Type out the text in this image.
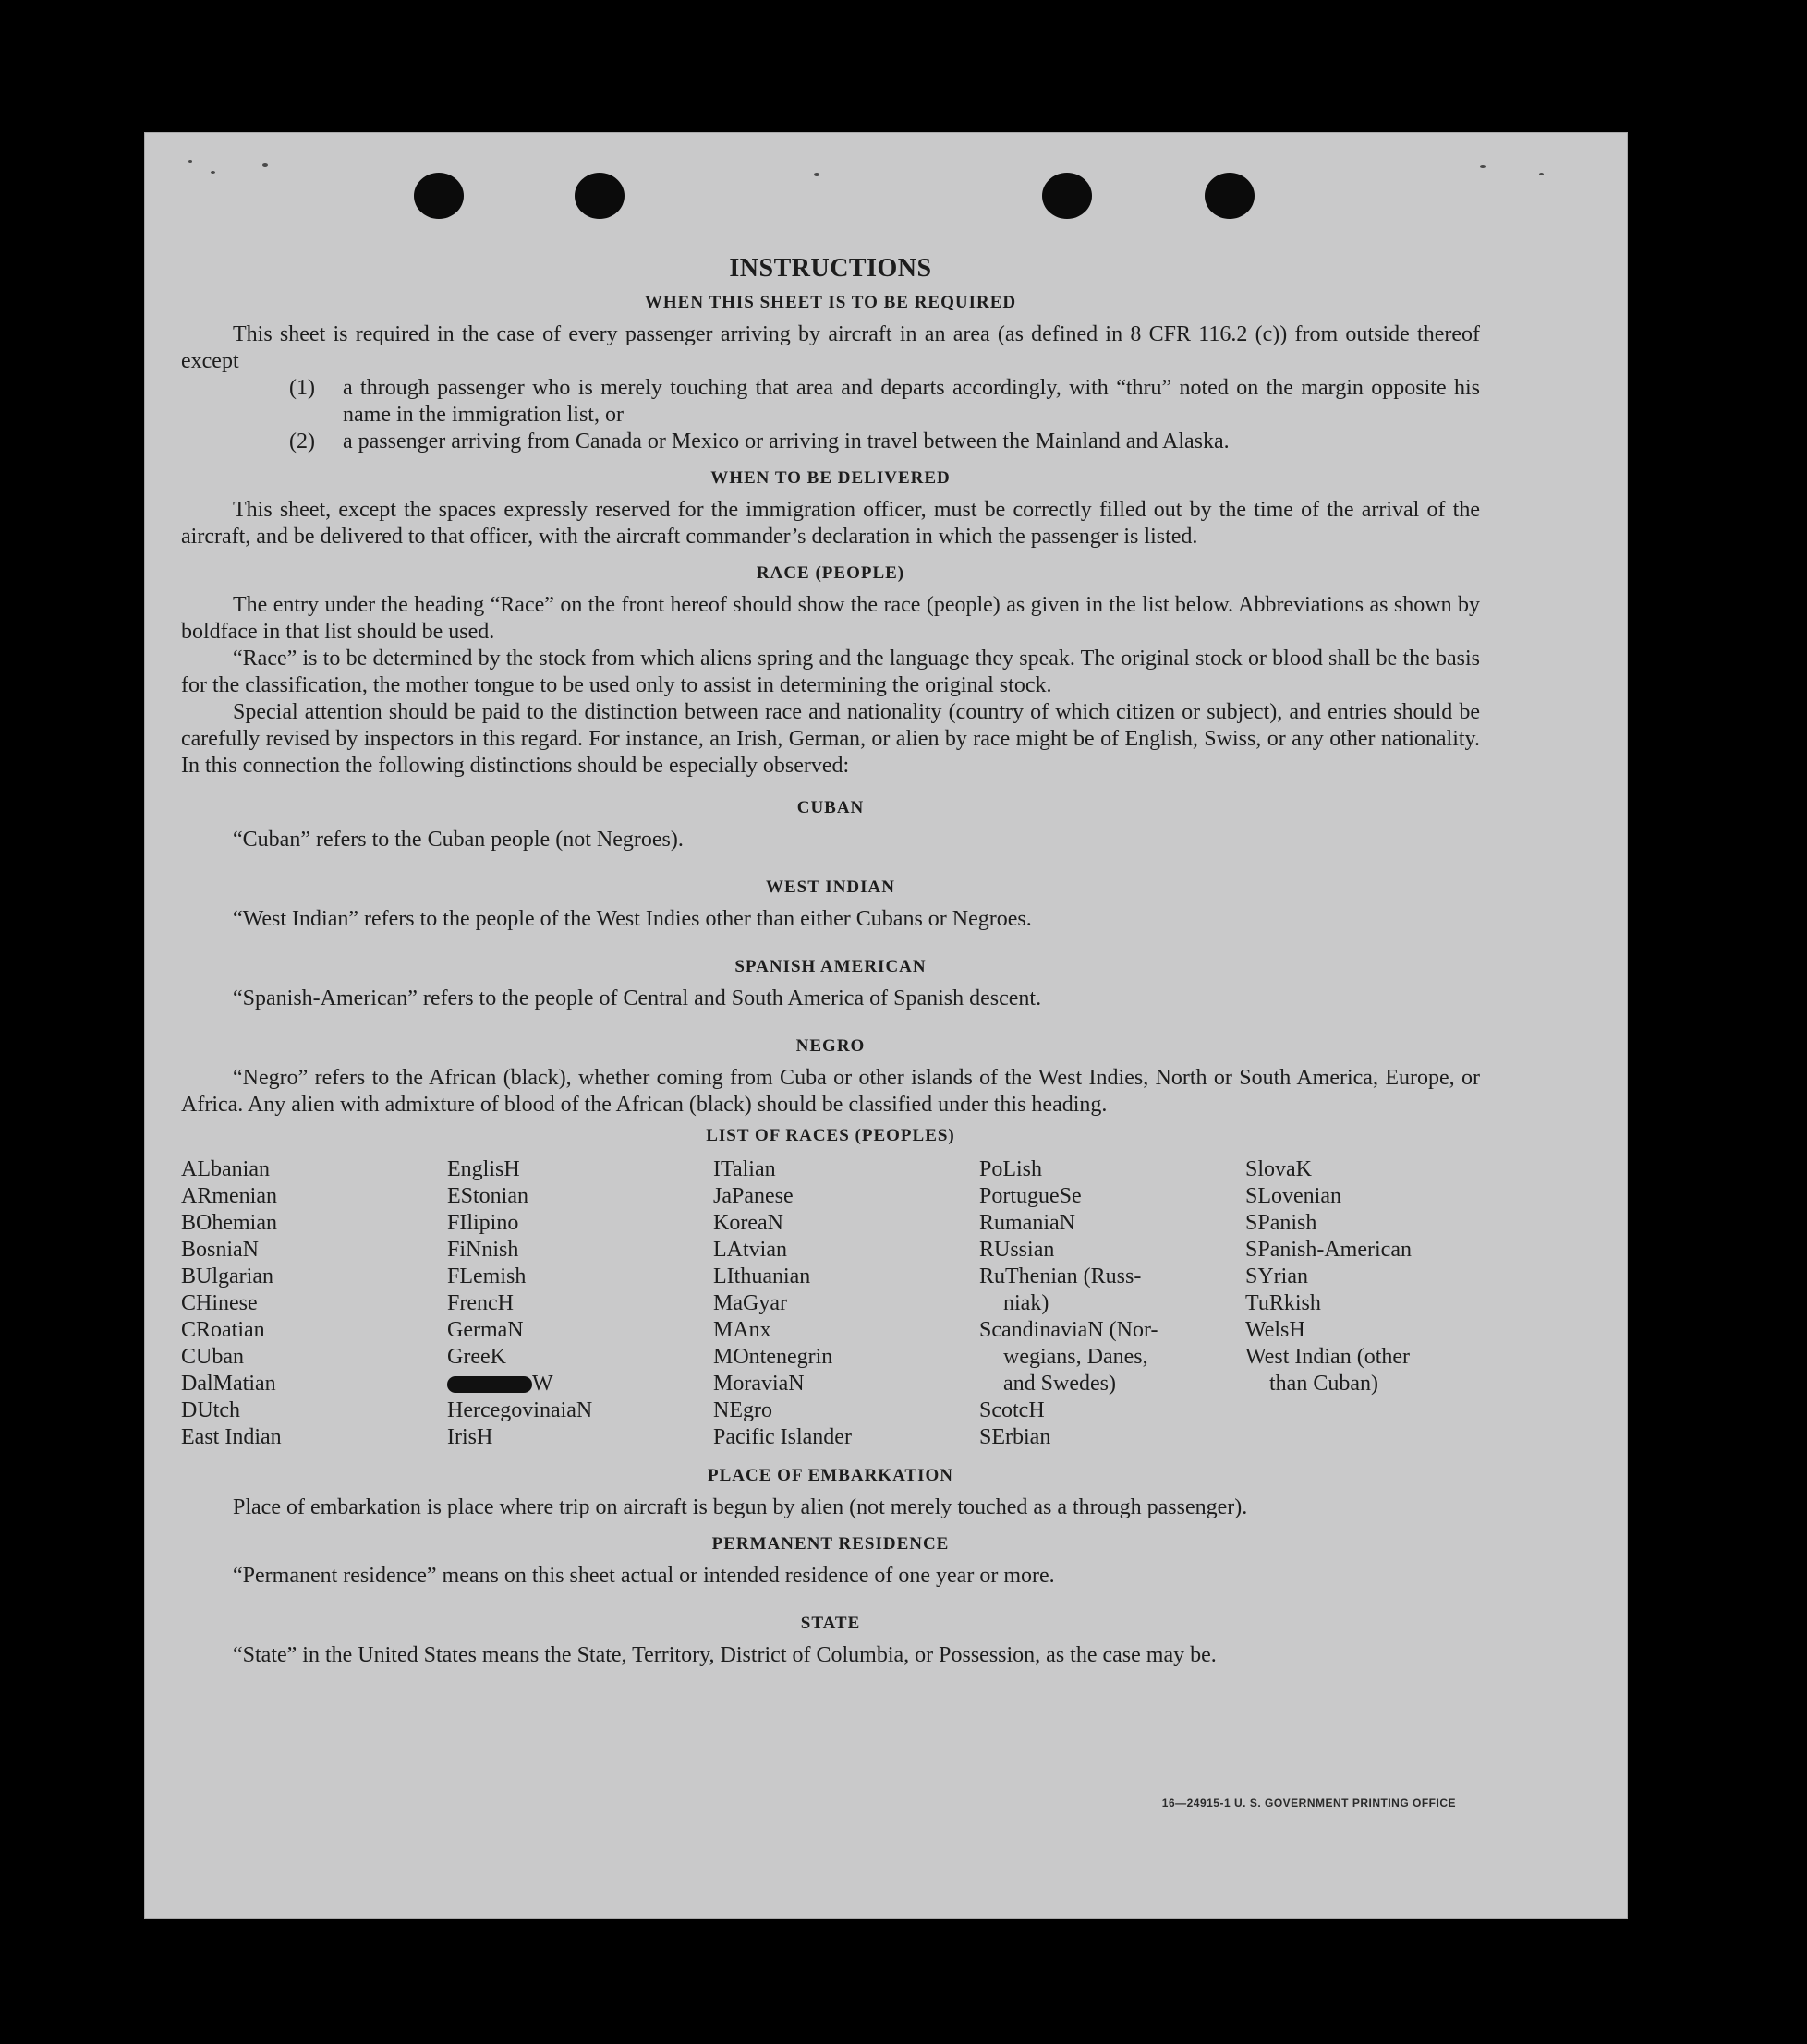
INSTRUCTIONS
WHEN THIS SHEET IS TO BE REQUIRED

This sheet is required in the case of every passenger arriving by aircraft in an area (as defined in 8 CFR 116.2 (c)) from outside thereof except

(1)	a through passenger who is merely touching that area and departs accordingly, with “thru” noted on the margin opposite his name in the immigration list, or
(2)	a passenger arriving from Canada or Mexico or arriving in travel between the Mainland and Alaska.
WHEN TO BE DELIVERED

This sheet, except the spaces expressly reserved for the immigration officer, must be correctly filled out by the time of the arrival of the aircraft, and be delivered to that officer, with the aircraft commander’s declaration in which the passenger is listed.

RACE (PEOPLE)

The entry under the heading “Race” on the front hereof should show the race (people) as given in the list below. Abbreviations as shown by boldface in that list should be used.

“Race” is to be determined by the stock from which aliens spring and the language they speak. The original stock or blood shall be the basis for the classification, the mother tongue to be used only to assist in determining the original stock.

Special attention should be paid to the distinction between race and nationality (country of which citizen or subject), and entries should be carefully revised by inspectors in this regard. For instance, an Irish, German, or alien by race might be of English, Swiss, or any other nationality. In this connection the following distinctions should be especially observed:

CUBAN

“Cuban” refers to the Cuban people (not Negroes).

WEST INDIAN

“West Indian” refers to the people of the West Indies other than either Cubans or Negroes.

SPANISH AMERICAN

“Spanish-American” refers to the people of Central and South America of Spanish descent.

NEGRO

“Negro” refers to the African (black), whether coming from Cuba or other islands of the West Indies, North or South America, Europe, or Africa. Any alien with admixture of blood of the African (black) should be classified under this heading.

LIST OF RACES (PEOPLES)
ALbanian
ARmenian
BOhemian
BosniaN
BUlgarian
CHinese
CRoatian
CUban
DalMatian
DUtch
East Indian
EnglisH
EStonian
FIlipino
FiNnish
FLemish
FrencH
GermaN
GreeK
W
HercegovinaiaN
IrisH
ITalian
JaPanese
KoreaN
LAtvian
LIthuanian
MaGyar
MAnx
MOntenegrin
MoraviaN
NEgro
Pacific Islander
PoLish
PortugueSe
RumaniaN
RUssian
RuThenian (Russ-
niak)
ScandinaviaN (Nor-
wegians, Danes,
and Swedes)
ScotcH
SErbian
SlovaK
SLovenian
SPanish
SPanish-American
SYrian
TuRkish
WelsH
West Indian (other
than Cuban)
PLACE OF EMBARKATION

Place of embarkation is place where trip on aircraft is begun by alien (not merely touched as a through passenger).

PERMANENT RESIDENCE

“Permanent residence” means on this sheet actual or intended residence of one year or more.

STATE

“State” in the United States means the State, Territory, District of Columbia, or Possession, as the case may be.

16—24915-1 U. S. GOVERNMENT PRINTING OFFICE
